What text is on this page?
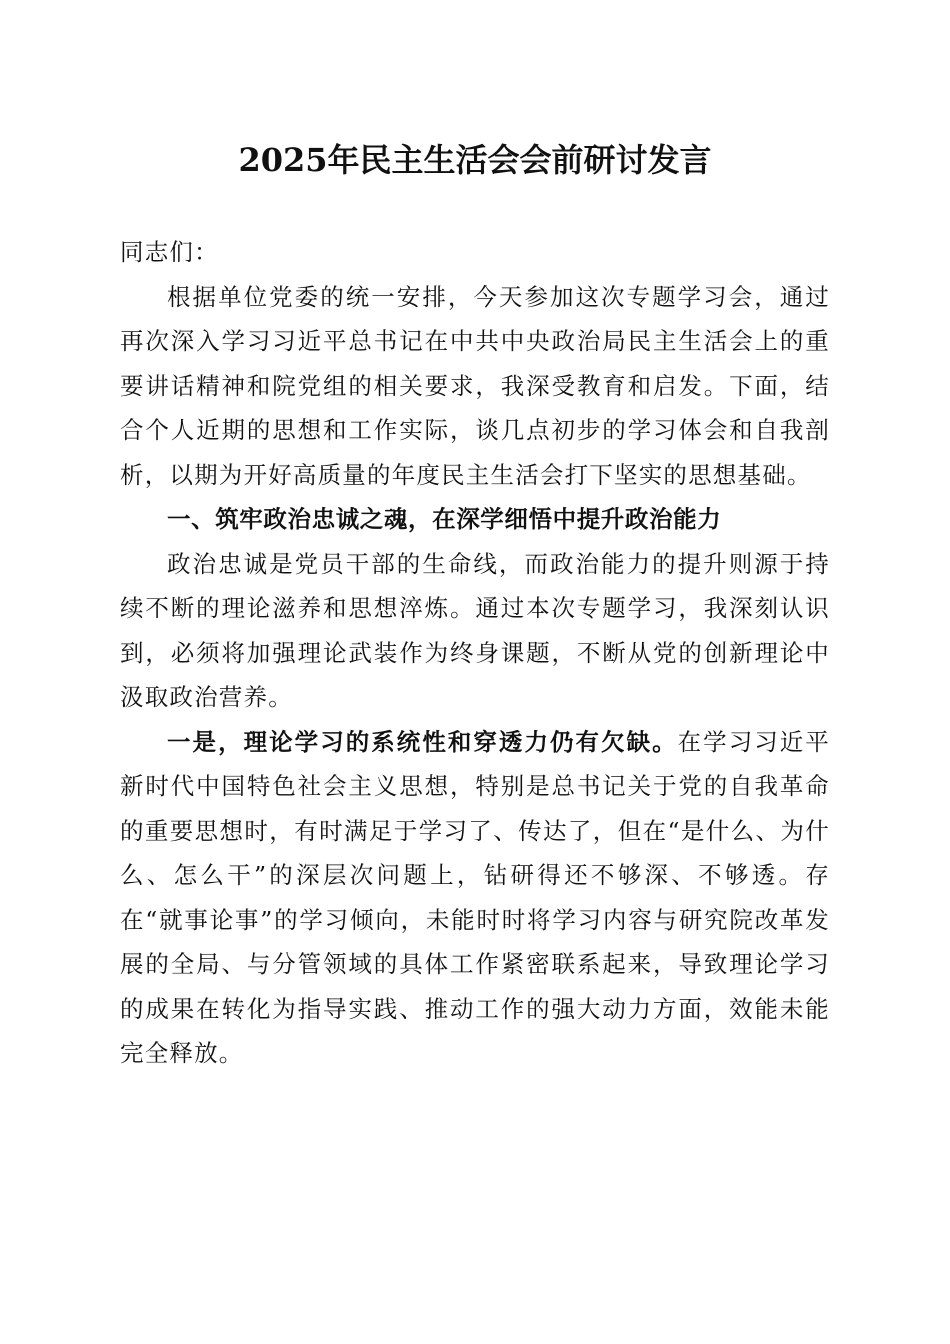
2025年民主生活会会前研讨发言

同志们：

根据单位党委的统一安排，今天参加这次专题学习会，通过再次深入学习习近平总书记在中共中央政治局民主生活会上的重要讲话精神和院党组的相关要求，我深受教育和启发。下面，结合个人近期的思想和工作实际，谈几点初步的学习体会和自我剖析，以期为开好高质量的年度民主生活会打下坚实的思想基础。

一、筑牢政治忠诚之魂，在深学细悟中提升政治能力

政治忠诚是党员干部的生命线，而政治能力的提升则源于持续不断的理论滋养和思想淬炼。通过本次专题学习，我深刻认识到，必须将加强理论武装作为终身课题，不断从党的创新理论中汲取政治营养。

一是，理论学习的系统性和穿透力仍有欠缺。在学习习近平新时代中国特色社会主义思想，特别是总书记关于党的自我革命的重要思想时，有时满足于学习了、传达了，但在“是什么、为什么、怎么干”的深层次问题上，钻研得还不够深、不够透。存在“就事论事”的学习倾向，未能时时将学习内容与研究院改革发展的全局、与分管领域的具体工作紧密联系起来，导致理论学习的成果在转化为指导实践、推动工作的强大动力方面，效能未能完全释放。
